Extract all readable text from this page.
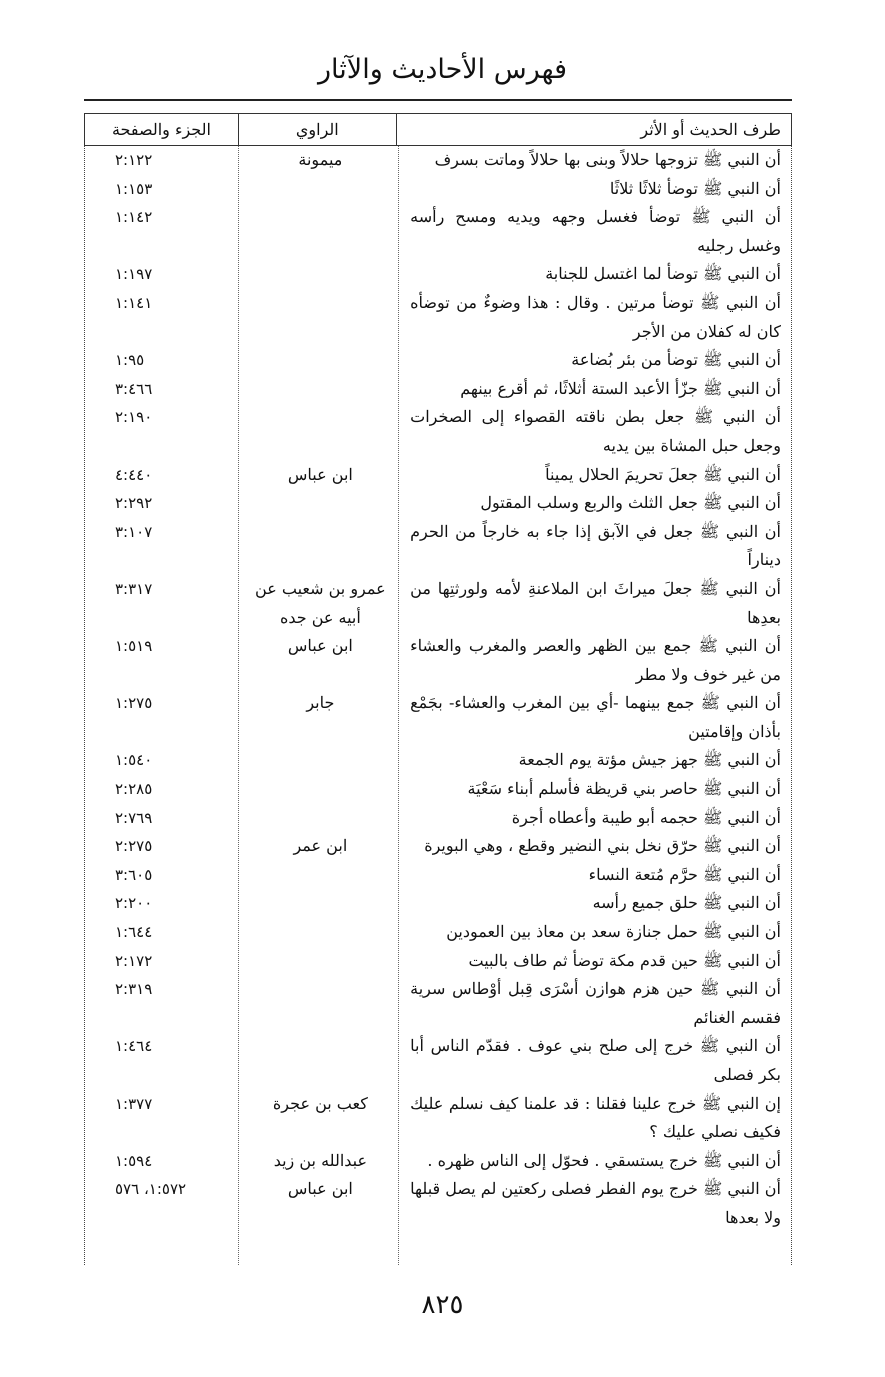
فهرس الأحاديث والآثار
طرف الحديث أو الأثر
الراوي
الجزء والصفحة
أن النبي ﷺ تزوجها حلالاً وبنى بها حلالاً وماتت بسرف
ميمونة
٢:١٢٢
أن النبي ﷺ توضأ ثلاثًا ثلاثًا
١:١٥٣
أن النبي ﷺ توضأ فغسل وجهه ويديه ومسح رأسه وغسل رجليه
١:١٤٢
أن النبي ﷺ توضأ لما اغتسل للجنابة
١:١٩٧
أن النبي ﷺ توضأ مرتين . وقال : هذا وضوءٌ من توضأه كان له كفلان من الأجر
١:١٤١
أن النبي ﷺ توضأ من بئر بُضاعة
١:٩٥
أن النبي ﷺ جزّأ الأعبد الستة أثلاثًا، ثم أقرع بينهم
٣:٤٦٦
أن النبي ﷺ جعل بطن ناقته القصواء إلى الصخرات وجعل حبل المشاة بين يديه
٢:١٩٠
أن النبي ﷺ جعلَ تحريمَ الحلال يميناً
ابن عباس
٤:٤٤٠
أن النبي ﷺ جعل الثلث والربع وسلب المقتول
٢:٢٩٢
أن النبي ﷺ جعل في الآبق إذا جاء به خارجاً من الحرم ديناراً
٣:١٠٧
أن النبي ﷺ جعلَ ميراثَ ابن الملاعنةِ لأمه ولورثتِها من بعدِها
عمرو بن شعيب عن أبيه عن جده
٣:٣١٧
أن النبي ﷺ جمع بين الظهر والعصر والمغرب والعشاء من غير خوف ولا مطر
ابن عباس
١:٥١٩
أن النبي ﷺ جمع بينهما -أي بين المغرب والعشاء- بجَمْع بأذان وإقامتين
جابر
١:٢٧٥
أن النبي ﷺ جهز جيش مؤتة يوم الجمعة
١:٥٤٠
أن النبي ﷺ حاصر بني قريظة فأسلم أبناء سَعْيَة
٢:٢٨٥
أن النبي ﷺ حجمه أبو طيبة وأعطاه أجرة
٢:٧٦٩
أن النبي ﷺ حرّق نخل بني النضير وقطع ، وهي البويرة
ابن عمر
٢:٢٧٥
أن النبي ﷺ حرَّم مُتعة النساء
٣:٦٠٥
أن النبي ﷺ حلق جميع رأسه
٢:٢٠٠
أن النبي ﷺ حمل جنازة سعد بن معاذ بين العمودين
١:٦٤٤
أن النبي ﷺ حين قدم مكة توضأ ثم طاف بالبيت
٢:١٧٢
أن النبي ﷺ حين هزم هوازن أسْرَى قِبل أوْطاس سرية فقسم الغنائم
٢:٣١٩
أن النبي ﷺ خرج إلى صلح بني عوف . فقدّم الناس أبا بكر فصلى
١:٤٦٤
إن النبي ﷺ خرج علينا فقلنا : قد علمنا كيف نسلم عليك فكيف نصلي عليك ؟
كعب بن عجرة
١:٣٧٧
أن النبي ﷺ خرج يستسقي . فحوّل إلى الناس ظهره .
عبدالله بن زيد
١:٥٩٤
أن النبي ﷺ خرج يوم الفطر فصلى ركعتين لم يصل قبلها ولا بعدها
ابن عباس
١:٥٧٢، ٥٧٦
٨٢٥
